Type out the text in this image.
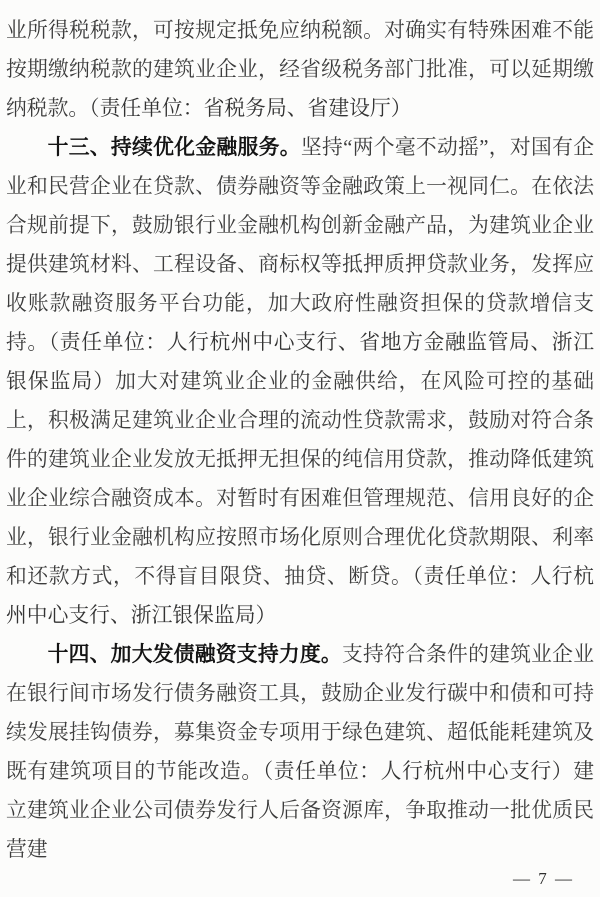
业所得税税款，可按规定抵免应纳税额。对确实有特殊困难不能按期缴纳税款的建筑业企业，经省级税务部门批准，可以延期缴纳税款。（责任单位：省税务局、省建设厅）

十三、持续优化金融服务。坚持“两个毫不动摇”，对国有企业和民营企业在贷款、债券融资等金融政策上一视同仁。在依法合规前提下，鼓励银行业金融机构创新金融产品，为建筑业企业提供建筑材料、工程设备、商标权等抵押质押贷款业务，发挥应收账款融资服务平台功能，加大政府性融资担保的贷款增信支持。（责任单位：人行杭州中心支行、省地方金融监管局、浙江银保监局）加大对建筑业企业的金融供给，在风险可控的基础上，积极满足建筑业企业合理的流动性贷款需求，鼓励对符合条件的建筑业企业发放无抵押无担保的纯信用贷款，推动降低建筑业企业综合融资成本。对暂时有困难但管理规范、信用良好的企业，银行业金融机构应按照市场化原则合理优化贷款期限、利率和还款方式，不得盲目限贷、抽贷、断贷。（责任单位：人行杭州中心支行、浙江银保监局）

十四、加大发债融资支持力度。支持符合条件的建筑业企业在银行间市场发行债务融资工具，鼓励企业发行碳中和债和可持续发展挂钩债券，募集资金专项用于绿色建筑、超低能耗建筑及既有建筑项目的节能改造。（责任单位：人行杭州中心支行）建立建筑业企业公司债券发行人后备资源库，争取推动一批优质民营建

— 7 —
